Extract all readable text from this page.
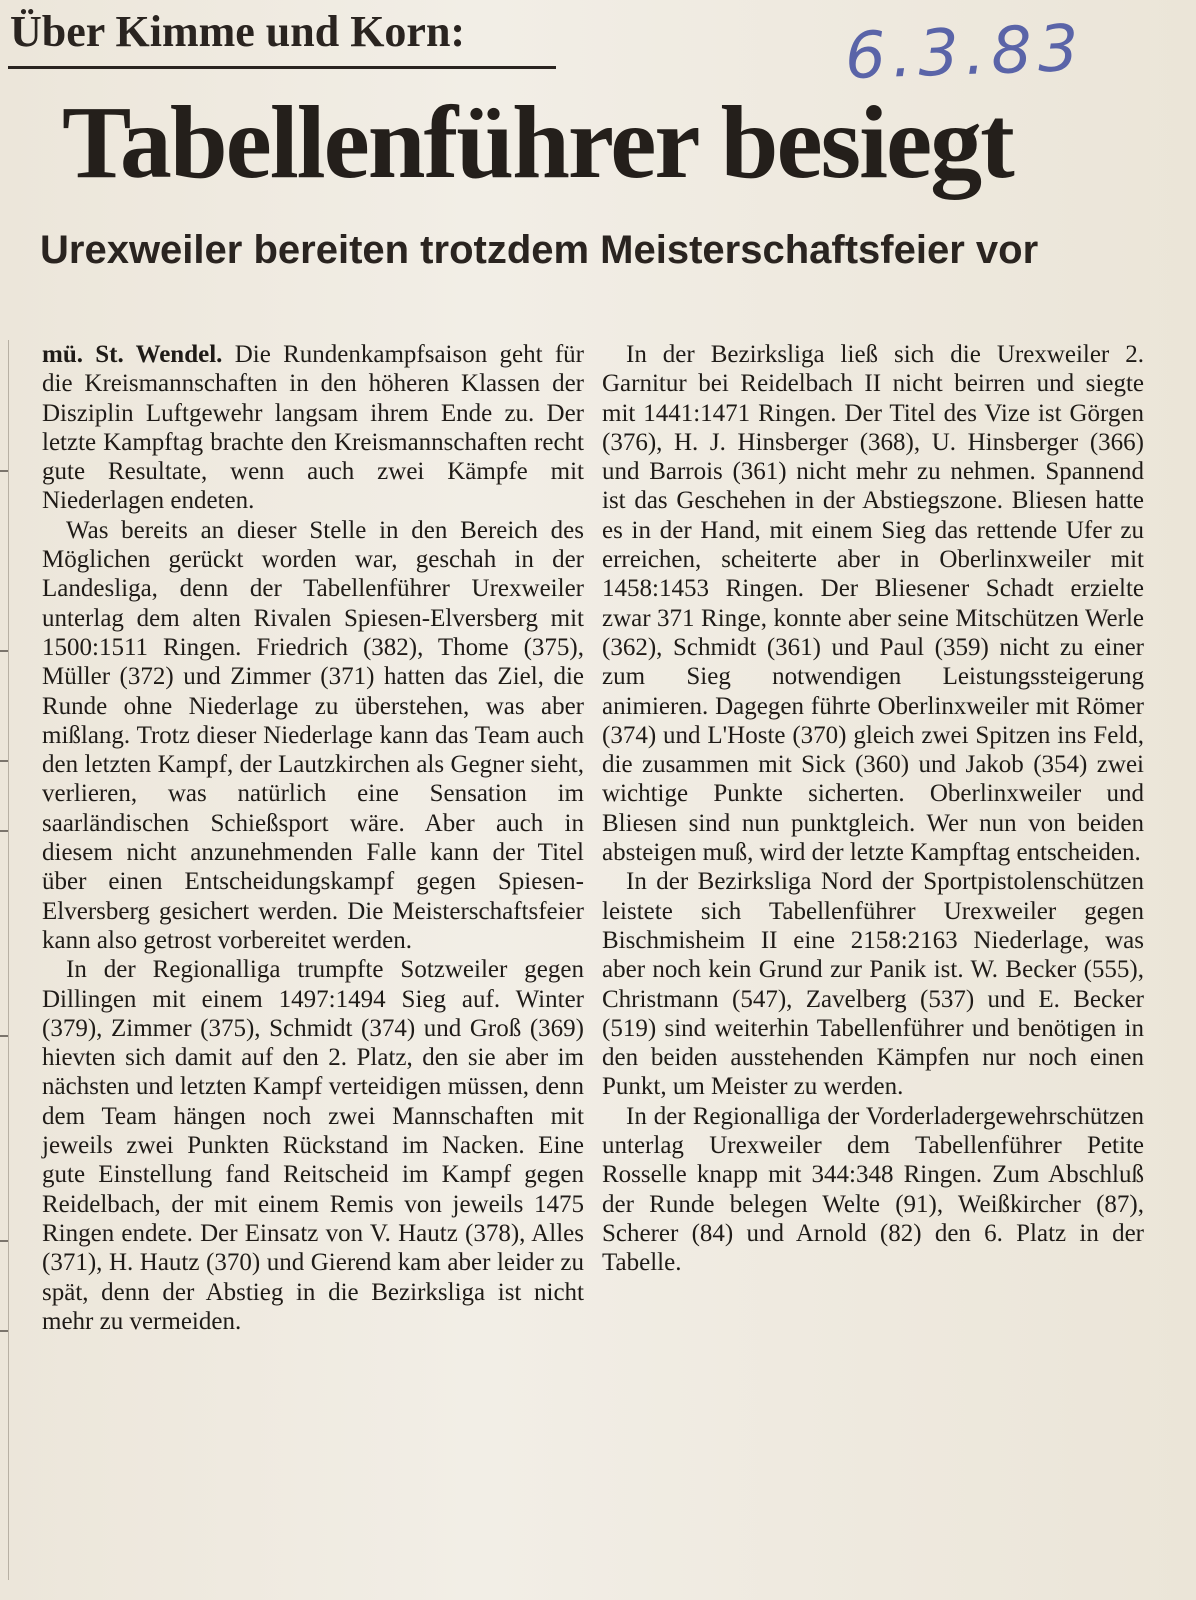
Über Kimme und Korn:	6.3.83
Tabellenführer besiegt
Urexweiler bereiten trotzdem Meisterschaftsfeier vor

mü. St. Wendel. Die Rundenkampfsaison geht für die Kreismannschaften in den höheren Klassen der Disziplin Luftgewehr langsam ihrem Ende zu. Der letzte Kampftag brachte den Kreismannschaften recht gute Resultate, wenn auch zwei Kämpfe mit Niederlagen endeten.

Was bereits an dieser Stelle in den Bereich des Möglichen gerückt worden war, geschah in der Landesliga, denn der Tabellenführer Urexweiler unterlag dem alten Rivalen Spiesen-Elversberg mit 1500:1511 Ringen. Friedrich (382), Thome (375), Müller (372) und Zimmer (371) hatten das Ziel, die Runde ohne Niederlage zu überstehen, was aber mißlang. Trotz dieser Niederlage kann das Team auch den letzten Kampf, der Lautzkirchen als Gegner sieht, verlieren, was natürlich eine Sensation im saarländischen Schießsport wäre. Aber auch in diesem nicht anzunehmenden Falle kann der Titel über einen Entscheidungskampf gegen Spiesen-Elversberg gesichert werden. Die Meisterschaftsfeier kann also getrost vorbereitet werden.

In der Regionalliga trumpfte Sotzweiler gegen Dillingen mit einem 1497:1494 Sieg auf. Winter (379), Zimmer (375), Schmidt (374) und Groß (369) hievten sich damit auf den 2. Platz, den sie aber im nächsten und letzten Kampf verteidigen müssen, denn dem Team hängen noch zwei Mannschaften mit jeweils zwei Punkten Rückstand im Nacken. Eine gute Einstellung fand Reitscheid im Kampf gegen Reidelbach, der mit einem Remis von jeweils 1475 Ringen endete. Der Einsatz von V. Hautz (378), Alles (371), H. Hautz (370) und Gierend kam aber leider zu spät, denn der Abstieg in die Bezirksliga ist nicht mehr zu vermeiden.

In der Bezirksliga ließ sich die Urexweiler 2. Garnitur bei Reidelbach II nicht beirren und siegte mit 1441:1471 Ringen. Der Titel des Vize ist Görgen (376), H. J. Hinsberger (368), U. Hinsberger (366) und Barrois (361) nicht mehr zu nehmen. Spannend ist das Geschehen in der Abstiegszone. Bliesen hatte es in der Hand, mit einem Sieg das rettende Ufer zu erreichen, scheiterte aber in Oberlinxweiler mit 1458:1453 Ringen. Der Bliesener Schadt erzielte zwar 371 Ringe, konnte aber seine Mitschützen Werle (362), Schmidt (361) und Paul (359) nicht zu einer zum Sieg notwendigen Leistungssteigerung animieren. Dagegen führte Oberlinxweiler mit Römer (374) und L'Hoste (370) gleich zwei Spitzen ins Feld, die zusammen mit Sick (360) und Jakob (354) zwei wichtige Punkte sicherten. Oberlinxweiler und Bliesen sind nun punktgleich. Wer nun von beiden absteigen muß, wird der letzte Kampftag entscheiden.

In der Bezirksliga Nord der Sportpistolenschützen leistete sich Tabellenführer Urexweiler gegen Bischmisheim II eine 2158:2163 Niederlage, was aber noch kein Grund zur Panik ist. W. Becker (555), Christmann (547), Zavelberg (537) und E. Becker (519) sind weiterhin Tabellenführer und benötigen in den beiden ausstehenden Kämpfen nur noch einen Punkt, um Meister zu werden.

In der Regionalliga der Vorderladergewehrschützen unterlag Urexweiler dem Tabellenführer Petite Rosselle knapp mit 344:348 Ringen. Zum Abschluß der Runde belegen Welte (91), Weißkircher (87), Scherer (84) und Arnold (82) den 6. Platz in der Tabelle.
